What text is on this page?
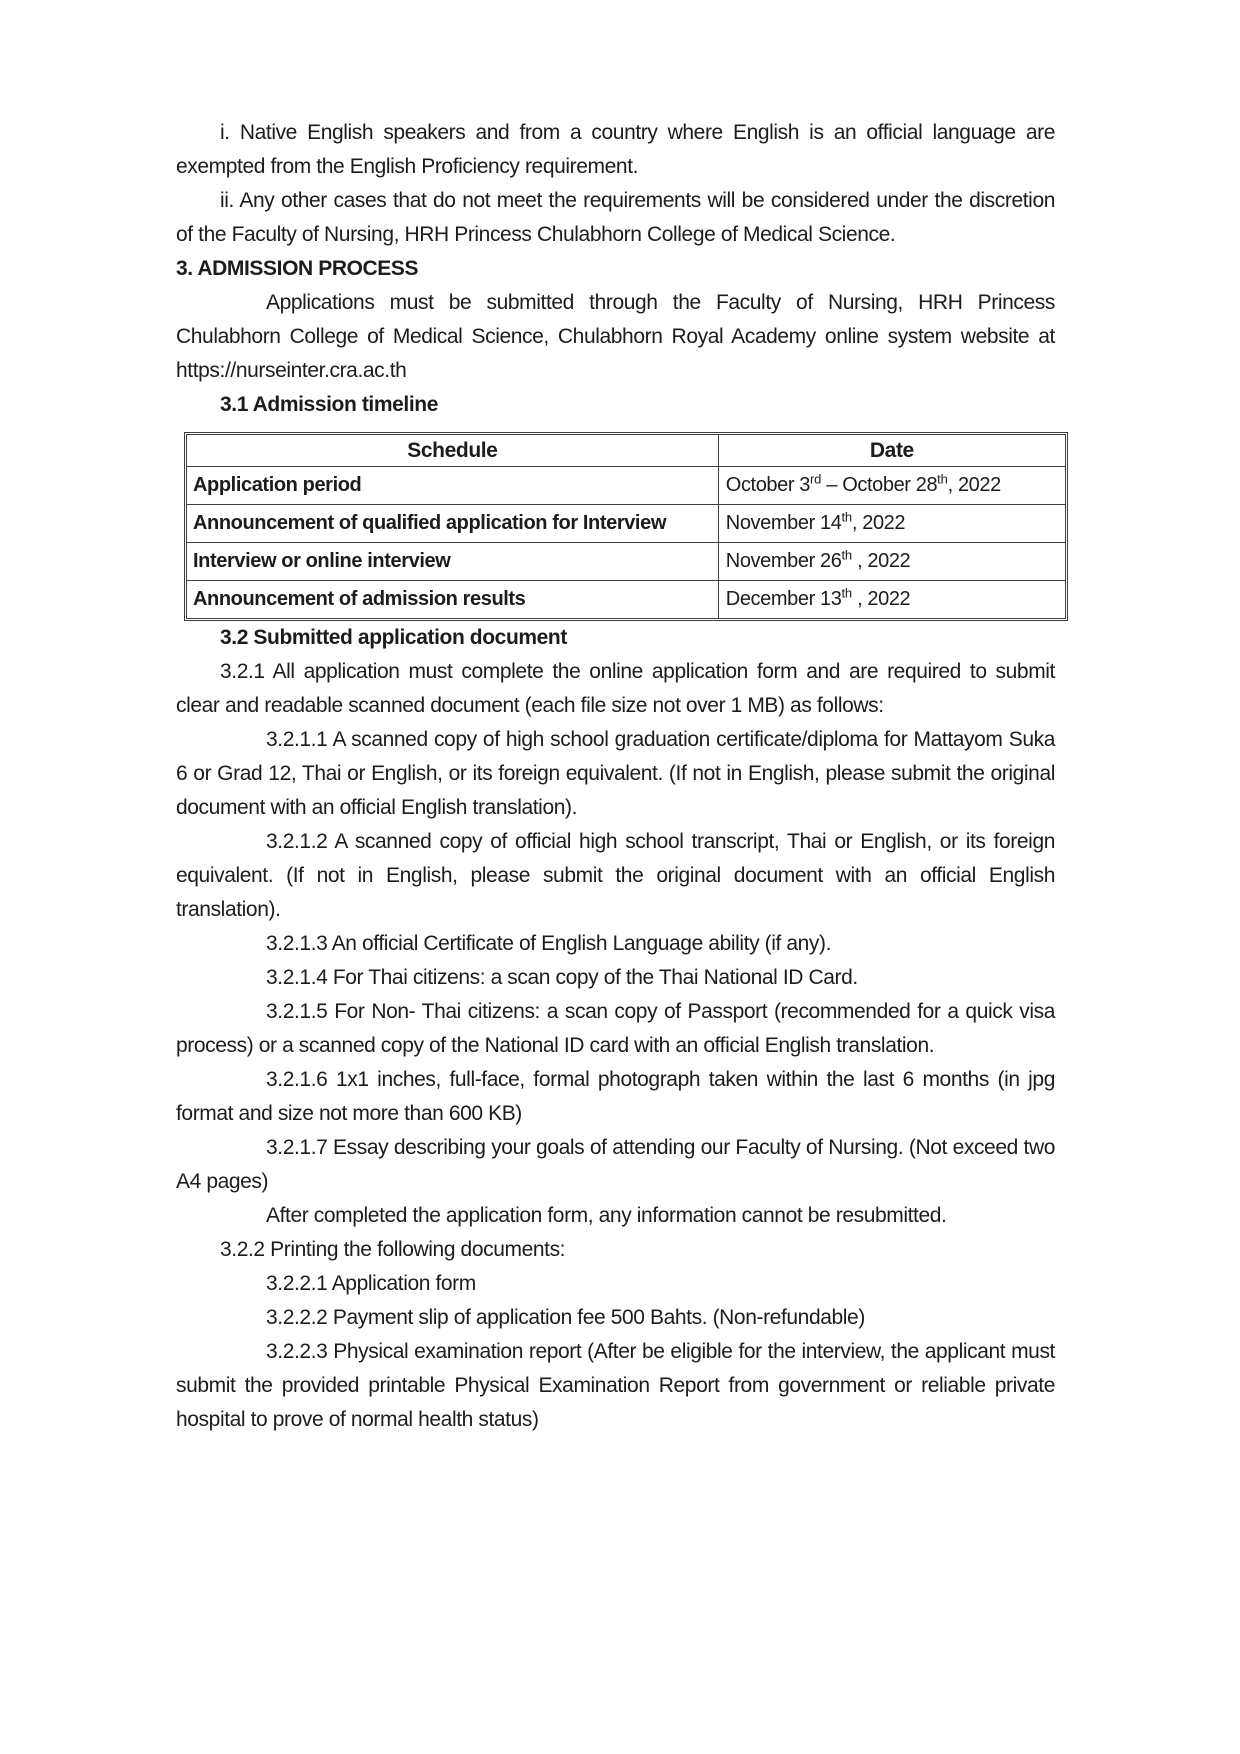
i. Native English speakers and from a country where English is an official language are exempted from the English Proficiency requirement.

ii. Any other cases that do not meet the requirements will be considered under the discretion of the Faculty of Nursing, HRH Princess Chulabhorn College of Medical Science.

3. ADMISSION PROCESS

Applications must be submitted through the Faculty of Nursing, HRH Princess Chulabhorn College of Medical Science, Chulabhorn Royal Academy online system website at https://nurseinter.cra.ac.th

3.1 Admission timeline

Schedule	Date
Application period	October 3rd – October 28th, 2022
Announcement of qualified application for Interview	November 14th, 2022
Interview or online interview	November 26th , 2022
Announcement of admission results	December 13th , 2022

3.2 Submitted application document

3.2.1 All application must complete the online application form and are required to submit clear and readable scanned document (each file size not over 1 MB) as follows:

3.2.1.1 A scanned copy of high school graduation certificate/diploma for Mattayom Suka 6 or Grad 12, Thai or English, or its foreign equivalent. (If not in English, please submit the original document with an official English translation).

3.2.1.2 A scanned copy of official high school transcript, Thai or English, or its foreign equivalent. (If not in English, please submit the original document with an official English translation).

3.2.1.3 An official Certificate of English Language ability (if any).

3.2.1.4 For Thai citizens: a scan copy of the Thai National ID Card.

3.2.1.5 For Non- Thai citizens: a scan copy of Passport (recommended for a quick visa process) or a scanned copy of the National ID card with an official English translation.

3.2.1.6 1x1 inches, full-face, formal photograph taken within the last 6 months (in jpg format and size not more than 600 KB)

3.2.1.7 Essay describing your goals of attending our Faculty of Nursing. (Not exceed two A4 pages)

After completed the application form, any information cannot be resubmitted.

3.2.2 Printing the following documents:

3.2.2.1 Application form

3.2.2.2 Payment slip of application fee 500 Bahts. (Non-refundable)

3.2.2.3 Physical examination report (After be eligible for the interview, the applicant must submit the provided printable Physical Examination Report from government or reliable private hospital to prove of normal health status)
